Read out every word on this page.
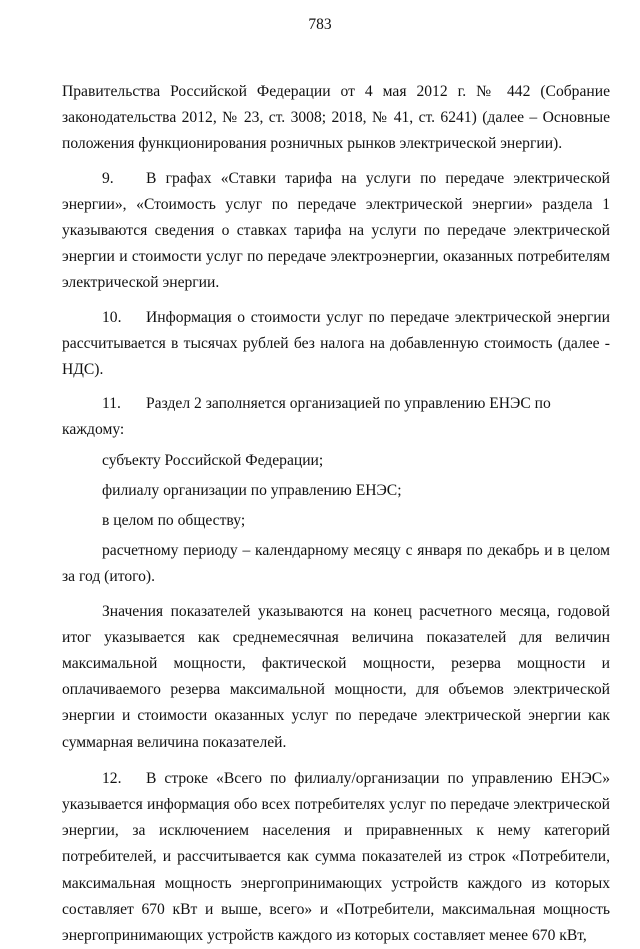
783

Правительства Российской Федерации от 4 мая 2012 г. № 442 (Собрание законодательства 2012, № 23, ст. 3008; 2018, № 41, ст. 6241) (далее – Основные положения функционирования розничных рынков электрической энергии).

9. В графах «Ставки тарифа на услуги по передаче электрической энергии», «Стоимость услуг по передаче электрической энергии» раздела 1 указываются сведения о ставках тарифа на услуги по передаче электрической энергии и стоимости услуг по передаче электроэнергии, оказанных потребителям электрической энергии.

10. Информация о стоимости услуг по передаче электрической энергии рассчитывается в тысячах рублей без налога на добавленную стоимость (далее - НДС).

11. Раздел 2 заполняется организацией по управлению ЕНЭС по каждому:

субъекту Российской Федерации;

филиалу организации по управлению ЕНЭС;

в целом по обществу;

расчетному периоду – календарному месяцу с января по декабрь и в целом за год (итого).

Значения показателей указываются на конец расчетного месяца, годовой итог указывается как среднемесячная величина показателей для величин максимальной мощности, фактической мощности, резерва мощности и оплачиваемого резерва максимальной мощности, для объемов электрической энергии и стоимости оказанных услуг по передаче электрической энергии как суммарная величина показателей.

12. В строке «Всего по филиалу/организации по управлению ЕНЭС» указывается информация обо всех потребителях услуг по передаче электрической энергии, за исключением населения и приравненных к нему категорий потребителей, и рассчитывается как сумма показателей из строк «Потребители, максимальная мощность энергопринимающих устройств каждого из которых составляет 670 кВт и выше, всего» и «Потребители, максимальная мощность энергопринимающих устройств каждого из которых составляет менее 670 кВт,
